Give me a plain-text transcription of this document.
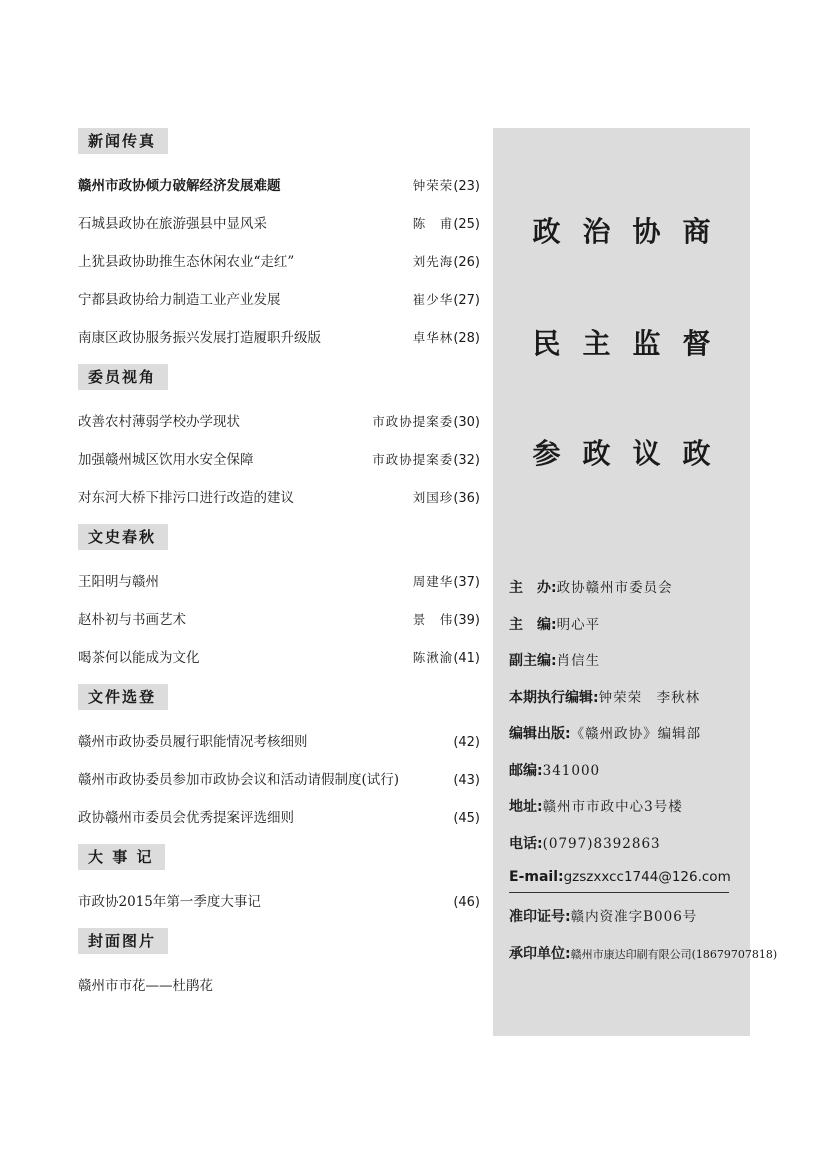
新闻传真
赣州市政协倾力破解经济发展难题	钟荣荣(23)
石城县政协在旅游强县中显风采	陈　甫(25)
上犹县政协助推生态休闲农业“走红”	刘先海(26)
宁都县政协给力制造工业产业发展	崔少华(27)
南康区政协服务振兴发展打造履职升级版	卓华林(28)
委员视角
改善农村薄弱学校办学现状	市政协提案委(30)
加强赣州城区饮用水安全保障	市政协提案委(32)
对东河大桥下排污口进行改造的建议	刘国珍(36)
文史春秋
王阳明与赣州	周建华(37)
赵朴初与书画艺术	景　伟(39)
喝茶何以能成为文化	陈湫渝(41)
文件选登
赣州市政协委员履行职能情况考核细则	(42)
赣州市政协委员参加市政协会议和活动请假制度(试行)	(43)
政协赣州市委员会优秀提案评选细则	(45)
大 事 记
市政协2015年第一季度大事记	(46)
封面图片
赣州市市花——杜鹃花
政治协商
民主监督
参政议政
主　办:政协赣州市委员会
主　编:明心平
副主编:肖信生
本期执行编辑:钟荣荣　李秋林
编辑出版:《赣州政协》编辑部
邮编:341000
地址:赣州市市政中心3号楼
电话:(0797)8392863
E-mail:gzszxxcc1744@126.com
准印证号:赣内资准字B006号
承印单位:赣州市康达印刷有限公司(18679707818)
